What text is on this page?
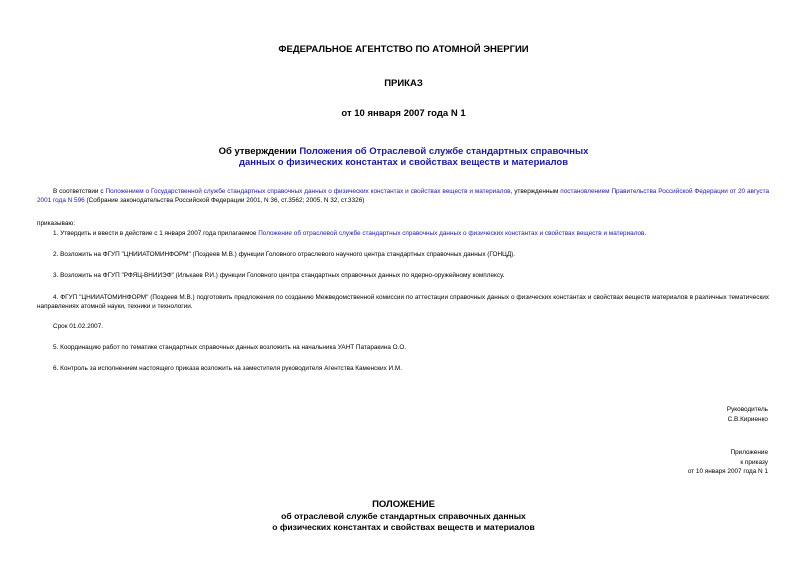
ФЕДЕРАЛЬНОЕ АГЕНТСТВО ПО АТОМНОЙ ЭНЕРГИИ
ПРИКАЗ
от 10 января 2007 года N 1
Об утверждении Положения об Отраслевой службе стандартных справочных
данных о физических константах и свойствах веществ и материалов
В соответствии с Положением о Государственной службе стандартных справочных данных о физических константах и свойствах веществ и материалов, утвержденным постановлением Правительства Российской Федерации от 20 августа 2001 года N 596 (Собрание законодательства Российской Федерации 2001, N 36, ст.3562; 2005, N 32, ст.3326)
приказываю:
1. Утвердить и ввести в действие с 1 января 2007 года прилагаемое Положение об отраслевой службе стандартных справочных данных о физических константах и свойствах веществ и материалов.
2. Возложить на ФГУП "ЦНИИАТОМИНФОРМ" (Поздеев М.В.) функции Головного отраслевого научного центра стандартных справочных данных (ГОНЦД).
3. Возложить на ФГУП "РФЯЦ-ВНИИЭФ" (Илькаев Р.И.) функции Головного центра стандартных справочных данных по ядерно-оружейному комплексу.
4. ФГУП "ЦНИИАТОМИНФОРМ" (Поздеев М.В.) подготовить предложения по созданию Межведомственной комиссии по аттестации справочных данных о физических константах и свойствах веществ материалов в различных тематических направлениях атомной науки, техники и технологии.
Срок 01.02.2007.
5. Координацию работ по тематике стандартных справочных данных возложить на начальника УАНТ Патаракина О.О.
6. Контроль за исполнением настоящего приказа возложить на заместителя руководителя Агентства Каменских И.М.
Руководитель
С.В.Кириенко
Приложение
к приказу
от 10 января 2007 года N 1
ПОЛОЖЕНИЕ
об отраслевой службе стандартных справочных данных
о физических константах и свойствах веществ и материалов
